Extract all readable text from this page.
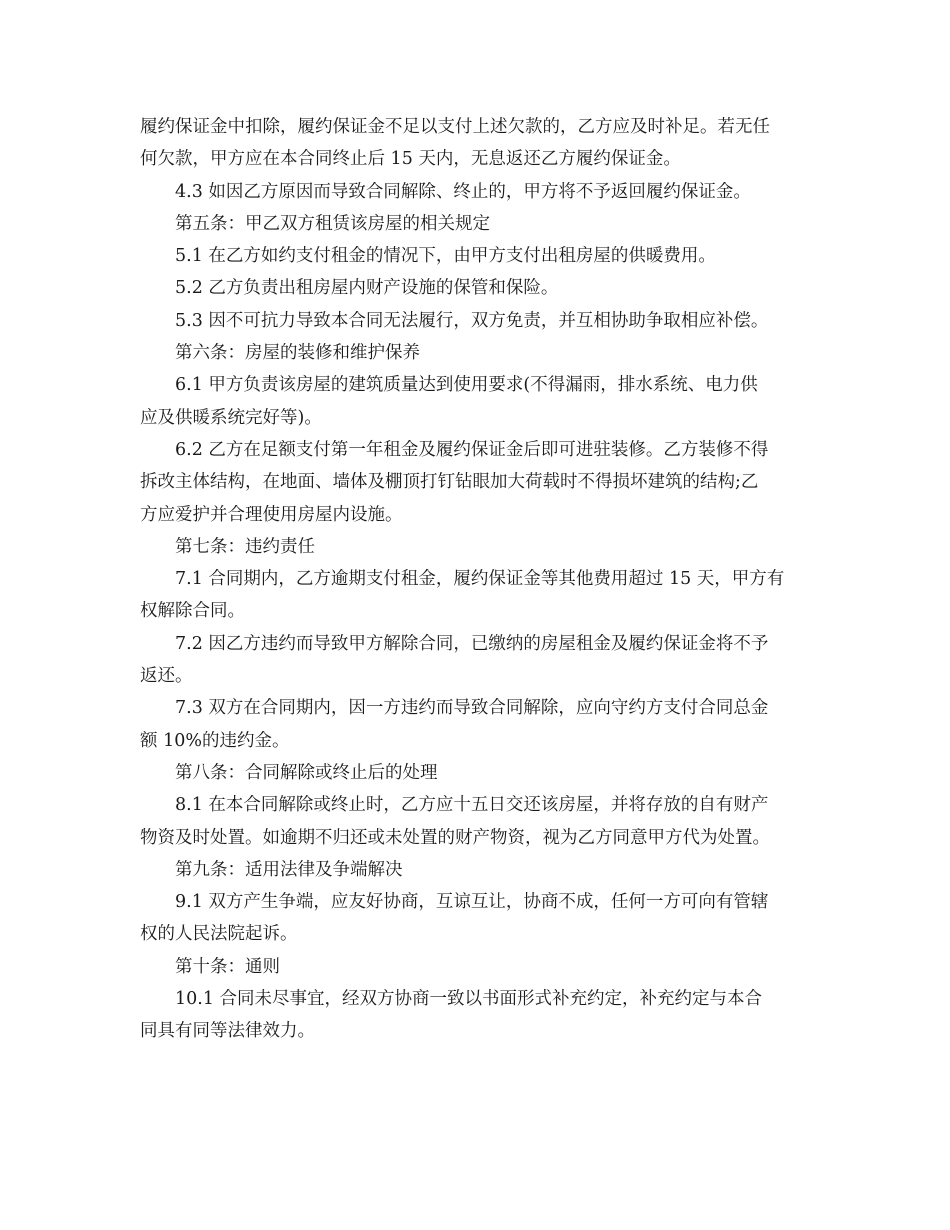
履约保证金中扣除，履约保证金不足以支付上述欠款的，乙方应及时补足。若无任
何欠款，甲方应在本合同终止后 15 天内，无息返还乙方履约保证金。
4.3 如因乙方原因而导致合同解除、终止的，甲方将不予返回履约保证金。
第五条：甲乙双方租赁该房屋的相关规定
5.1 在乙方如约支付租金的情况下，由甲方支付出租房屋的供暖费用。
5.2 乙方负责出租房屋内财产设施的保管和保险。
5.3 因不可抗力导致本合同无法履行，双方免责，并互相协助争取相应补偿。
第六条：房屋的装修和维护保养
6.1 甲方负责该房屋的建筑质量达到使用要求(不得漏雨，排水系统、电力供
应及供暖系统完好等)。
6.2 乙方在足额支付第一年租金及履约保证金后即可进驻装修。乙方装修不得
拆改主体结构，在地面、墙体及棚顶打钉钻眼加大荷载时不得损坏建筑的结构;乙
方应爱护并合理使用房屋内设施。
第七条：违约责任
7.1 合同期内，乙方逾期支付租金，履约保证金等其他费用超过 15 天，甲方有
权解除合同。
7.2 因乙方违约而导致甲方解除合同，已缴纳的房屋租金及履约保证金将不予
返还。
7.3 双方在合同期内，因一方违约而导致合同解除，应向守约方支付合同总金
额 10%的违约金。
第八条：合同解除或终止后的处理
8.1 在本合同解除或终止时，乙方应十五日交还该房屋，并将存放的自有财产
物资及时处置。如逾期不归还或未处置的财产物资，视为乙方同意甲方代为处置。
第九条：适用法律及争端解决
9.1 双方产生争端，应友好协商，互谅互让，协商不成，任何一方可向有管辖
权的人民法院起诉。
第十条：通则
10.1 合同未尽事宜，经双方协商一致以书面形式补充约定，补充约定与本合
同具有同等法律效力。
